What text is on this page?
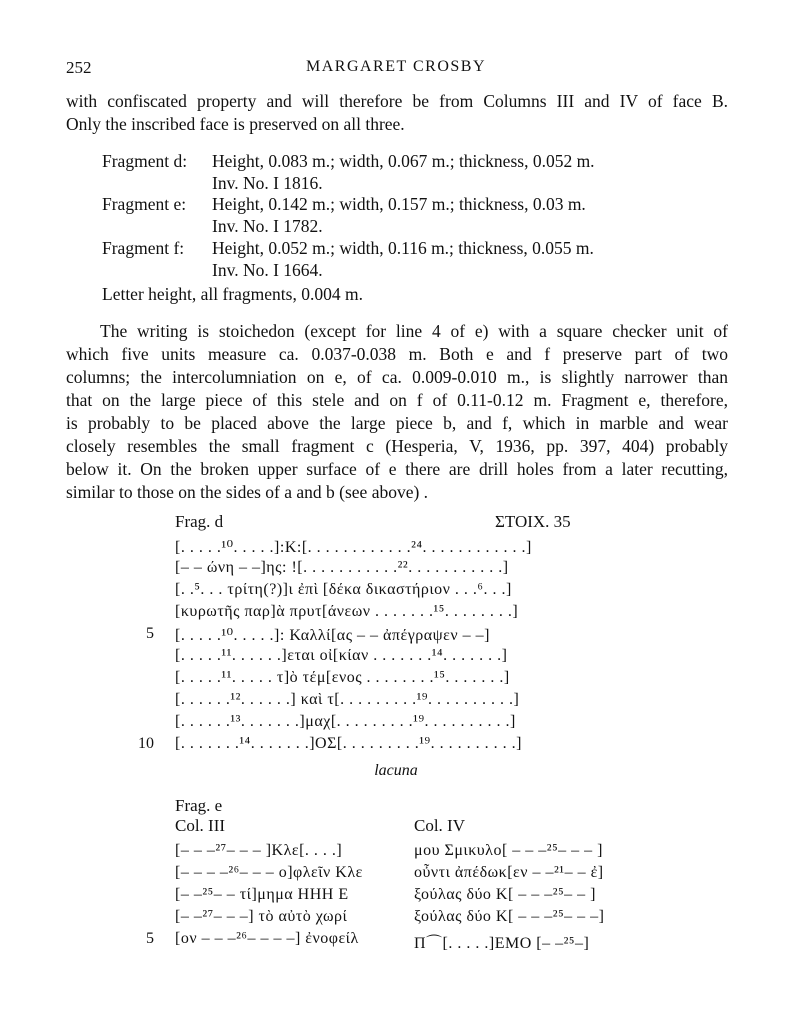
252	MARGARET CROSBY
with confiscated property and will therefore be from Columns III and IV of face B.
Only the inscribed face is preserved on all three.
Fragment d: Height, 0.083 m.; width, 0.067 m.; thickness, 0.052 m.
Inv. No. I 1816.
Fragment e: Height, 0.142 m.; width, 0.157 m.; thickness, 0.03 m.
Inv. No. I 1782.
Fragment f: Height, 0.052 m.; width, 0.116 m.; thickness, 0.055 m.
Inv. No. I 1664.
Letter height, all fragments, 0.004 m.
The writing is stoichedon (except for line 4 of e) with a square checker unit of
which five units measure ca. 0.037-0.038 m. Both e and f preserve part of two
columns; the intercolumniation on e, of ca. 0.009-0.010 m., is slightly narrower than
that on the large piece of this stele and on f of 0.11-0.12 m. Fragment e, therefore,
is probably to be placed above the large piece b, and f, which in marble and wear
closely resembles the small fragment c (Hesperia, V, 1936, pp. 397, 404) probably
below it. On the broken upper surface of e there are drill holes from a later recutting,
similar to those on the sides of a and b (see above) .
Frag. d	ΣΤΟΙΧ. 35
[. . . . .¹⁰. . . . .]:K:[. . . . . . . . . . . .²⁴. . . . . . . . . . . .]
[– – ώνη – –]ης: ǃ[. . . . . . . . . . .²². . . . . . . . . . .]
[. .⁵. . . τρίτη(?)]ι ἐπὶ [δέκα δικαστήριον . . .⁶. . .]
[κυρωτῆς παρ]ὰ πρυτ[άνεων . . . . . . .¹⁵. . . . . . . .]
5 [. . . . .¹⁰. . . . .]: Καλλί[ας – – ἀπέγραψεν – –]
[. . . . .¹¹. . . . . .]εται οἰ[κίαν . . . . . . .¹⁴. . . . . . .]
[. . . . .¹¹. . . . . τ]ὸ τέμ[ενος . . . . . . . .¹⁵. . . . . . .]
[. . . . . .¹². . . . . .] καὶ τ[. . . . . . . . .¹⁹. . . . . . . . . .]
[. . . . . .¹³. . . . . . .]μαχ[. . . . . . . . .¹⁹. . . . . . . . . .]
10 [. . . . . . .¹⁴. . . . . . .]ΟΣ[. . . . . . . . .¹⁹. . . . . . . . . .]
lacuna
Frag. e
Col. III	Col. IV
[– – –²⁷– – – ]Κλε[. . . .]	μου Σμικυλο[ – – –²⁵– – – ]
[– – – –²⁶– – – ο]φλεῖν Κλε	οὖντι ἀπέδωκ[εν – –²¹– – ἐ]
[– –²⁵– – τί]μημα ΗΗΗ Ε	ξούλας δύο Κ[ – – –²⁵– – ]
[– –²⁷– – –] τὸ αὐτὸ χωρί	ξούλας δύο Κ[ – – –²⁵– – –]
5 [ον – – –²⁶– – – –] ἐνοφείλ	Π⌒[. . . . .]ΕΜΟ [– –²⁵–]
